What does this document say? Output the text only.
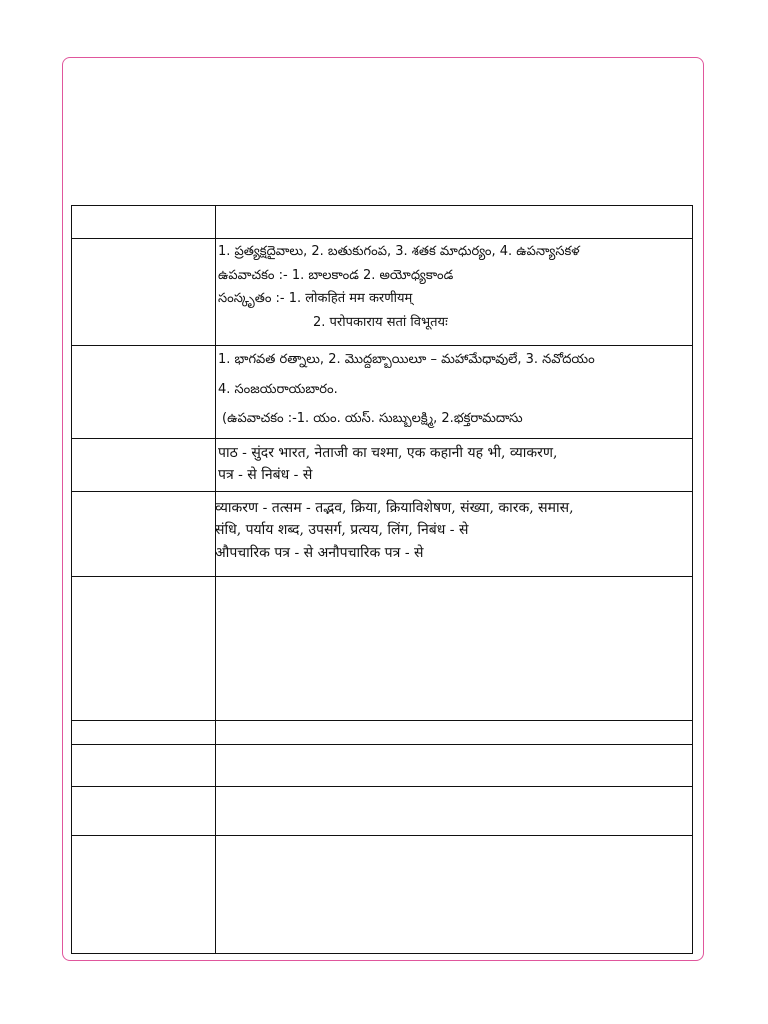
1. ప్రత్యక్షదైవాలు, 2. బతుకుగంప, 3. శతక మాధుర్యం, 4. ఉపన్యాసకళ
ఉపవాచకం :- 1. బాలకాండ 2. అయోధ్యకాండ
సంస్కృతం :- 1. लोकहितं मम करणीयम्
2. परोपकाराय सतां विभूतयः
1. భాగవత రత్నాలు, 2. మొద్దబ్బాయిలూ – మహామేధావులే, 3. నవోదయం
4. సంజయరాయబారం.
(ఉపవాచకం :-1. యం. యస్. సుబ్బులక్ష్మి, 2.భక్తరామదాసు
पाठ - सुंदर भारत, नेताजी का चश्मा, एक कहानी यह भी, व्याकरण,
पत्र - से निबंध - से
व्याकरण - तत्सम - तद्भव, क्रिया, क्रियाविशेषण, संख्या, कारक, समास,
संधि, पर्याय शब्द, उपसर्ग, प्रत्यय, लिंग, निबंध - से
औपचारिक पत्र - से अनौपचारिक पत्र - से
